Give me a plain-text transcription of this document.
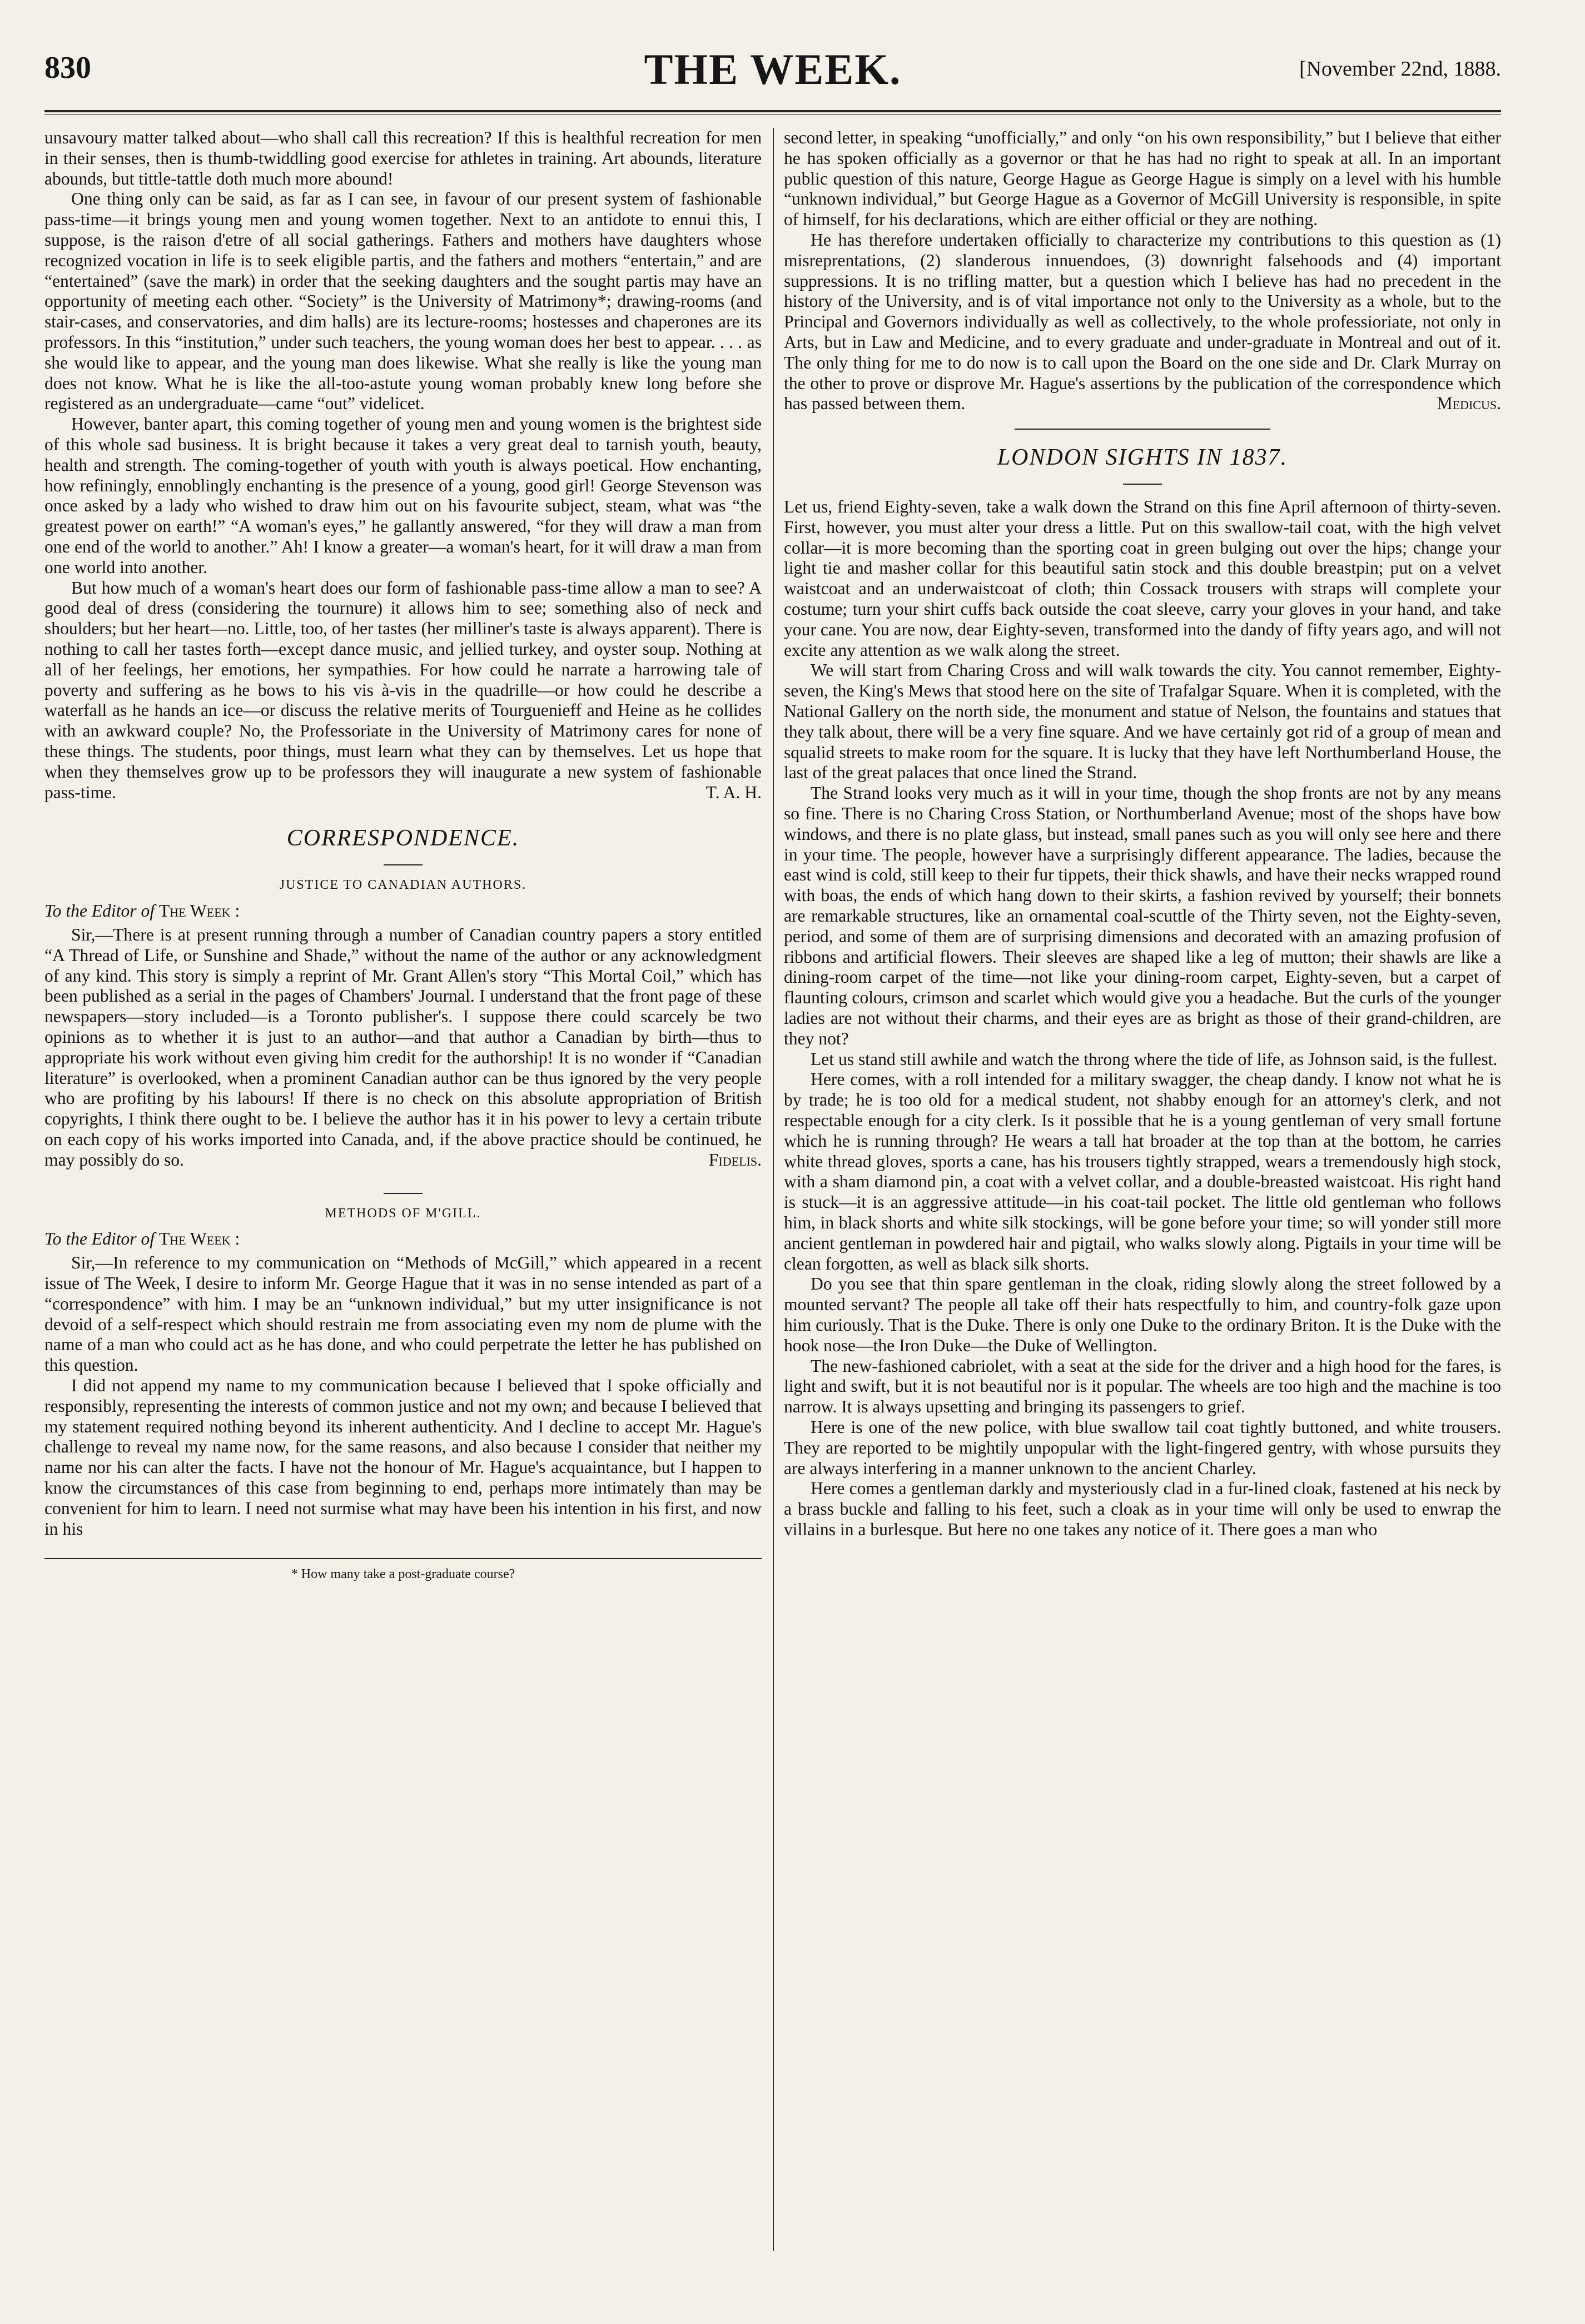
830	THE WEEK.	[November 22nd, 1888.

unsavoury matter talked about—who shall call this recreation? If this is healthful recreation for men in their senses, then is thumb-twiddling good exercise for athletes in training. Art abounds, literature abounds, but tittle-tattle doth much more abound!

One thing only can be said, as far as I can see, in favour of our present system of fashionable pass-time—it brings young men and young women together. Next to an antidote to ennui this, I suppose, is the raison d'etre of all social gatherings. Fathers and mothers have daughters whose recognized vocation in life is to seek eligible partis, and the fathers and mothers “entertain,” and are “entertained” (save the mark) in order that the seeking daughters and the sought partis may have an opportunity of meeting each other. “Society” is the University of Matrimony*; drawing-rooms (and stair-cases, and conservatories, and dim halls) are its lecture-rooms; hostesses and chaperones are its professors. In this “institution,” under such teachers, the young woman does her best to appear. . . . as she would like to appear, and the young man does likewise. What she really is like the young man does not know. What he is like the all-too-astute young woman probably knew long before she registered as an undergraduate—came “out” videlicet.

However, banter apart, this coming together of young men and young women is the brightest side of this whole sad business. It is bright because it takes a very great deal to tarnish youth, beauty, health and strength. The coming-together of youth with youth is always poetical. How enchanting, how refiningly, ennoblingly enchanting is the presence of a young, good girl! George Stevenson was once asked by a lady who wished to draw him out on his favourite subject, steam, what was “the greatest power on earth!” “A woman's eyes,” he gallantly answered, “for they will draw a man from one end of the world to another.” Ah! I know a greater—a woman's heart, for it will draw a man from one world into another.

But how much of a woman's heart does our form of fashionable pass-time allow a man to see? A good deal of dress (considering the tournure) it allows him to see; something also of neck and shoulders; but her heart—no. Little, too, of her tastes (her milliner's taste is always apparent). There is nothing to call her tastes forth—except dance music, and jellied turkey, and oyster soup. Nothing at all of her feelings, her emotions, her sympathies. For how could he narrate a harrowing tale of poverty and suffering as he bows to his vis à-vis in the quadrille—or how could he describe a waterfall as he hands an ice—or discuss the relative merits of Tourguenieff and Heine as he collides with an awkward couple? No, the Professoriate in the University of Matrimony cares for none of these things. The students, poor things, must learn what they can by themselves. Let us hope that when they themselves grow up to be professors they will inaugurate a new system of fashionable pass-time.	T. A. H.

CORRESPONDENCE.
JUSTICE TO CANADIAN AUTHORS.

To the Editor of The Week :

Sir,—There is at present running through a number of Canadian country papers a story entitled “A Thread of Life, or Sunshine and Shade,” without the name of the author or any acknowledgment of any kind. This story is simply a reprint of Mr. Grant Allen's story “This Mortal Coil,” which has been published as a serial in the pages of Chambers' Journal. I understand that the front page of these newspapers—story included—is a Toronto publisher's. I suppose there could scarcely be two opinions as to whether it is just to an author—and that author a Canadian by birth—thus to appropriate his work without even giving him credit for the authorship! It is no wonder if “Canadian literature” is overlooked, when a prominent Canadian author can be thus ignored by the very people who are profiting by his labours! If there is no check on this absolute appropriation of British copyrights, I think there ought to be. I believe the author has it in his power to levy a certain tribute on each copy of his works imported into Canada, and, if the above practice should be continued, he may possibly do so.	Fidelis.

METHODS OF M'GILL.

To the Editor of The Week :

Sir,—In reference to my communication on “Methods of McGill,” which appeared in a recent issue of The Week, I desire to inform Mr. George Hague that it was in no sense intended as part of a “correspondence” with him. I may be an “unknown individual,” but my utter insignificance is not devoid of a self-respect which should restrain me from associating even my nom de plume with the name of a man who could act as he has done, and who could perpetrate the letter he has published on this question.

I did not append my name to my communication because I believed that I spoke officially and responsibly, representing the interests of common justice and not my own; and because I believed that my statement required nothing beyond its inherent authenticity. And I decline to accept Mr. Hague's challenge to reveal my name now, for the same reasons, and also because I consider that neither my name nor his can alter the facts. I have not the honour of Mr. Hague's acquaintance, but I happen to know the circumstances of this case from beginning to end, perhaps more intimately than may be convenient for him to learn. I need not surmise what may have been his intention in his first, and now in his

* How many take a post-graduate course?

second letter, in speaking “unofficially,” and only “on his own responsibility,” but I believe that either he has spoken officially as a governor or that he has had no right to speak at all. In an important public question of this nature, George Hague as George Hague is simply on a level with his humble “unknown individual,” but George Hague as a Governor of McGill University is responsible, in spite of himself, for his declarations, which are either official or they are nothing.

He has therefore undertaken officially to characterize my contributions to this question as (1) misreprentations, (2) slanderous innuendoes, (3) downright falsehoods and (4) important suppressions. It is no trifling matter, but a question which I believe has had no precedent in the history of the University, and is of vital importance not only to the University as a whole, but to the Principal and Governors individually as well as collectively, to the whole professioriate, not only in Arts, but in Law and Medicine, and to every graduate and under-graduate in Montreal and out of it. The only thing for me to do now is to call upon the Board on the one side and Dr. Clark Murray on the other to prove or disprove Mr. Hague's assertions by the publication of the correspondence which has passed between them.	Medicus.

LONDON SIGHTS IN 1837.

Let us, friend Eighty-seven, take a walk down the Strand on this fine April afternoon of thirty-seven. First, however, you must alter your dress a little. Put on this swallow-tail coat, with the high velvet collar—it is more becoming than the sporting coat in green bulging out over the hips; change your light tie and masher collar for this beautiful satin stock and this double breastpin; put on a velvet waistcoat and an underwaistcoat of cloth; thin Cossack trousers with straps will complete your costume; turn your shirt cuffs back outside the coat sleeve, carry your gloves in your hand, and take your cane. You are now, dear Eighty-seven, transformed into the dandy of fifty years ago, and will not excite any attention as we walk along the street.

We will start from Charing Cross and will walk towards the city. You cannot remember, Eighty-seven, the King's Mews that stood here on the site of Trafalgar Square. When it is completed, with the National Gallery on the north side, the monument and statue of Nelson, the fountains and statues that they talk about, there will be a very fine square. And we have certainly got rid of a group of mean and squalid streets to make room for the square. It is lucky that they have left Northumberland House, the last of the great palaces that once lined the Strand.

The Strand looks very much as it will in your time, though the shop fronts are not by any means so fine. There is no Charing Cross Station, or Northumberland Avenue; most of the shops have bow windows, and there is no plate glass, but instead, small panes such as you will only see here and there in your time. The people, however have a surprisingly different appearance. The ladies, because the east wind is cold, still keep to their fur tippets, their thick shawls, and have their necks wrapped round with boas, the ends of which hang down to their skirts, a fashion revived by yourself; their bonnets are remarkable structures, like an ornamental coal-scuttle of the Thirty seven, not the Eighty-seven, period, and some of them are of surprising dimensions and decorated with an amazing profusion of ribbons and artificial flowers. Their sleeves are shaped like a leg of mutton; their shawls are like a dining-room carpet of the time—not like your dining-room carpet, Eighty-seven, but a carpet of flaunting colours, crimson and scarlet which would give you a headache. But the curls of the younger ladies are not without their charms, and their eyes are as bright as those of their grand-children, are they not?

Let us stand still awhile and watch the throng where the tide of life, as Johnson said, is the fullest.

Here comes, with a roll intended for a military swagger, the cheap dandy. I know not what he is by trade; he is too old for a medical student, not shabby enough for an attorney's clerk, and not respectable enough for a city clerk. Is it possible that he is a young gentleman of very small fortune which he is running through? He wears a tall hat broader at the top than at the bottom, he carries white thread gloves, sports a cane, has his trousers tightly strapped, wears a tremendously high stock, with a sham diamond pin, a coat with a velvet collar, and a double-breasted waistcoat. His right hand is stuck—it is an aggressive attitude—in his coat-tail pocket. The little old gentleman who follows him, in black shorts and white silk stockings, will be gone before your time; so will yonder still more ancient gentleman in powdered hair and pigtail, who walks slowly along. Pigtails in your time will be clean forgotten, as well as black silk shorts.

Do you see that thin spare gentleman in the cloak, riding slowly along the street followed by a mounted servant? The people all take off their hats respectfully to him, and country-folk gaze upon him curiously. That is the Duke. There is only one Duke to the ordinary Briton. It is the Duke with the hook nose—the Iron Duke—the Duke of Wellington.

The new-fashioned cabriolet, with a seat at the side for the driver and a high hood for the fares, is light and swift, but it is not beautiful nor is it popular. The wheels are too high and the machine is too narrow. It is always upsetting and bringing its passengers to grief.

Here is one of the new police, with blue swallow tail coat tightly buttoned, and white trousers. They are reported to be mightily unpopular with the light-fingered gentry, with whose pursuits they are always interfering in a manner unknown to the ancient Charley.

Here comes a gentleman darkly and mysteriously clad in a fur-lined cloak, fastened at his neck by a brass buckle and falling to his feet, such a cloak as in your time will only be used to enwrap the villains in a burlesque. But here no one takes any notice of it. There goes a man who
